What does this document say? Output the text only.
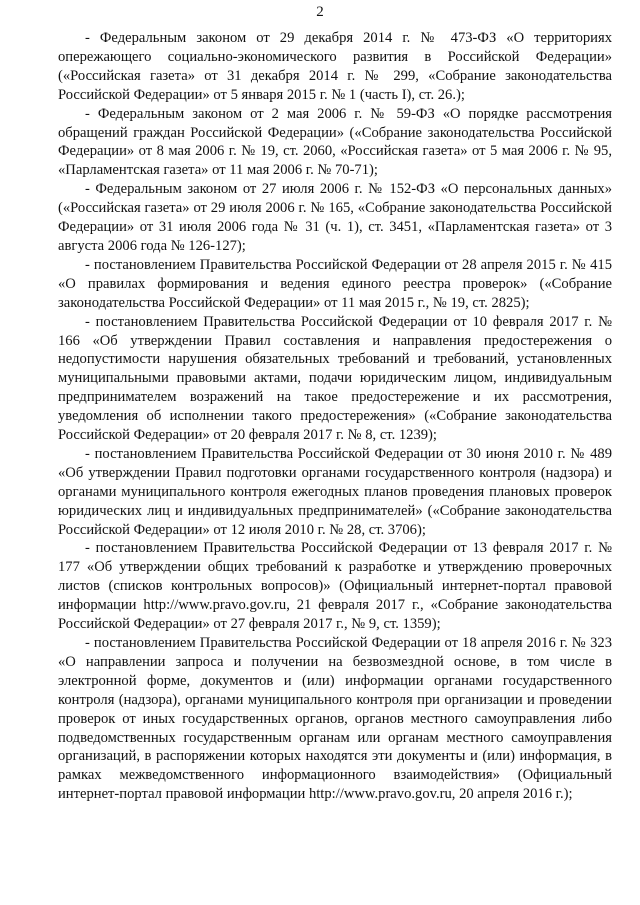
2

- Федеральным законом от 29 декабря 2014 г. № 473-ФЗ «О территориях опережающего социально-экономического развития в Российской Федерации» («Российская газета» от 31 декабря 2014 г. № 299, «Собрание законодательства Российской Федерации» от 5 января 2015 г. № 1 (часть I), ст. 26.);

- Федеральным законом от 2 мая 2006 г. № 59-ФЗ «О порядке рассмотрения обращений граждан Российской Федерации» («Собрание законодательства Российской Федерации» от 8 мая 2006 г. № 19, ст. 2060, «Российская газета» от 5 мая 2006 г. № 95, «Парламентская газета» от 11 мая 2006 г. № 70-71);

- Федеральным законом от 27 июля 2006 г. № 152-ФЗ «О персональных данных» («Российская газета» от 29 июля 2006 г. № 165, «Собрание законодательства Российской Федерации» от 31 июля 2006 года № 31 (ч. 1), ст. 3451, «Парламентская газета» от 3 августа 2006 года № 126-127);

- постановлением Правительства Российской Федерации от 28 апреля 2015 г. № 415 «О правилах формирования и ведения единого реестра проверок» («Собрание законодательства Российской Федерации» от 11 мая 2015 г., № 19, ст. 2825);

- постановлением Правительства Российской Федерации от 10 февраля 2017 г. № 166 «Об утверждении Правил составления и направления предостережения о недопустимости нарушения обязательных требований и требований, установленных муниципальными правовыми актами, подачи юридическим лицом, индивидуальным предпринимателем возражений на такое предостережение и их рассмотрения, уведомления об исполнении такого предостережения» («Собрание законодательства Российской Федерации» от 20 февраля 2017 г. № 8, ст. 1239);

- постановлением Правительства Российской Федерации от 30 июня 2010 г. № 489 «Об утверждении Правил подготовки органами государственного контроля (надзора) и органами муниципального контроля ежегодных планов проведения плановых проверок юридических лиц и индивидуальных предпринимателей» («Собрание законодательства Российской Федерации» от 12 июля 2010 г. № 28, ст. 3706);

- постановлением Правительства Российской Федерации от 13 февраля 2017 г. № 177 «Об утверждении общих требований к разработке и утверждению проверочных листов (списков контрольных вопросов)» (Официальный интернет-портал правовой информации http://www.pravo.gov.ru, 21 февраля 2017 г., «Собрание законодательства Российской Федерации» от 27 февраля 2017 г., № 9, ст. 1359);

- постановлением Правительства Российской Федерации от 18 апреля 2016 г. № 323 «О направлении запроса и получении на безвозмездной основе, в том числе в электронной форме, документов и (или) информации органами государственного контроля (надзора), органами муниципального контроля при организации и проведении проверок от иных государственных органов, органов местного самоуправления либо подведомственных государственным органам или органам местного самоуправления организаций, в распоряжении которых находятся эти документы и (или) информация, в рамках межведомственного информационного взаимодействия» (Официальный интернет-портал правовой информации http://www.pravo.gov.ru, 20 апреля 2016 г.);
